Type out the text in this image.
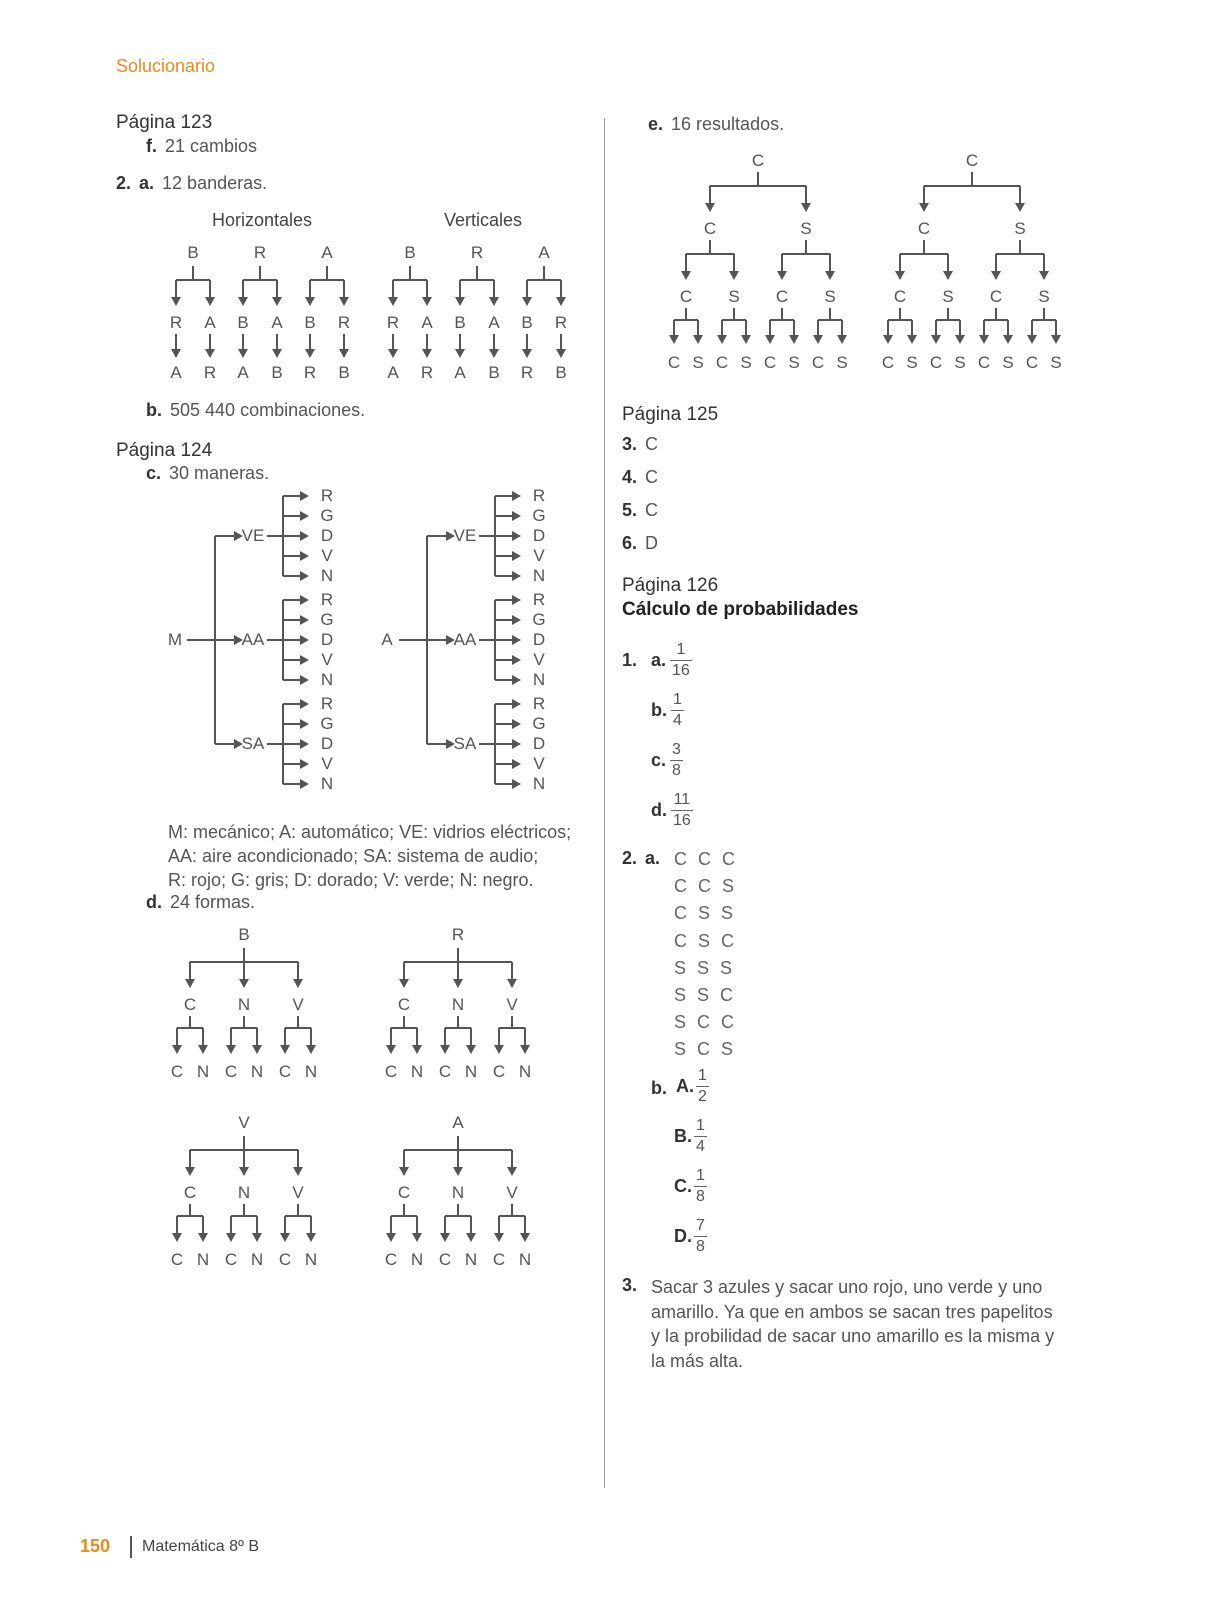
Solucionario
Página 123
f. 21 cambios
2. a. 12 banderas.
Horizontales	Verticales
B
R A
A R
R
B A
A B
A
B R
R B
B
R A
A R
R
B A
A B
A
B R
R B
b. 505 440 combinaciones.
Página 124
c. 30 maneras.
M
VE
R
G
D
V
N
AA
R
G
D
V
N
SA
R
G
D
V
N
A
VE
R
G
D
V
N
AA
R
G
D
V
N
SA
R
G
D
V
N
M: mecánico; A: automático; VE: vidrios eléctricos;
AA: aire acondicionado; SA: sistema de audio;
R: rojo; G: gris; D: dorado; V: verde; N: negro.
d. 24 formas.
B
C
C N
N
C N
V
C N
R
C
C N
N
C N
V
C N
V
C
C N
N
C N
V
C N
A
C
C N
N
C N
V
C N
e. 16 resultados.
C
C
C
C S
S
C S
S
C
C S
S
C S
C
C
C
C S
S
C S
S
C
C S
S
C S
Página 125
3. C
4. C
5. C
6. D
Página 126
Cálculo de probabilidades
1. a. $\frac{1}{16}$
b. $\frac{1}{4}$
c. $\frac{3}{8}$
d. $\frac{11}{16}$
2. a. C C C
C C S
C S S
C S C
S S S
S S C
S C C
S C S
b. A. $\frac{1}{2}$
B. $\frac{1}{4}$
C. $\frac{1}{8}$
D. $\frac{7}{8}$
3. Sacar 3 azules y sacar uno rojo, uno verde y uno
amarillo. Ya que en ambos se sacan tres papelitos
y la probilidad de sacar uno amarillo es la misma y
la más alta.
150 Matemática 8º B
